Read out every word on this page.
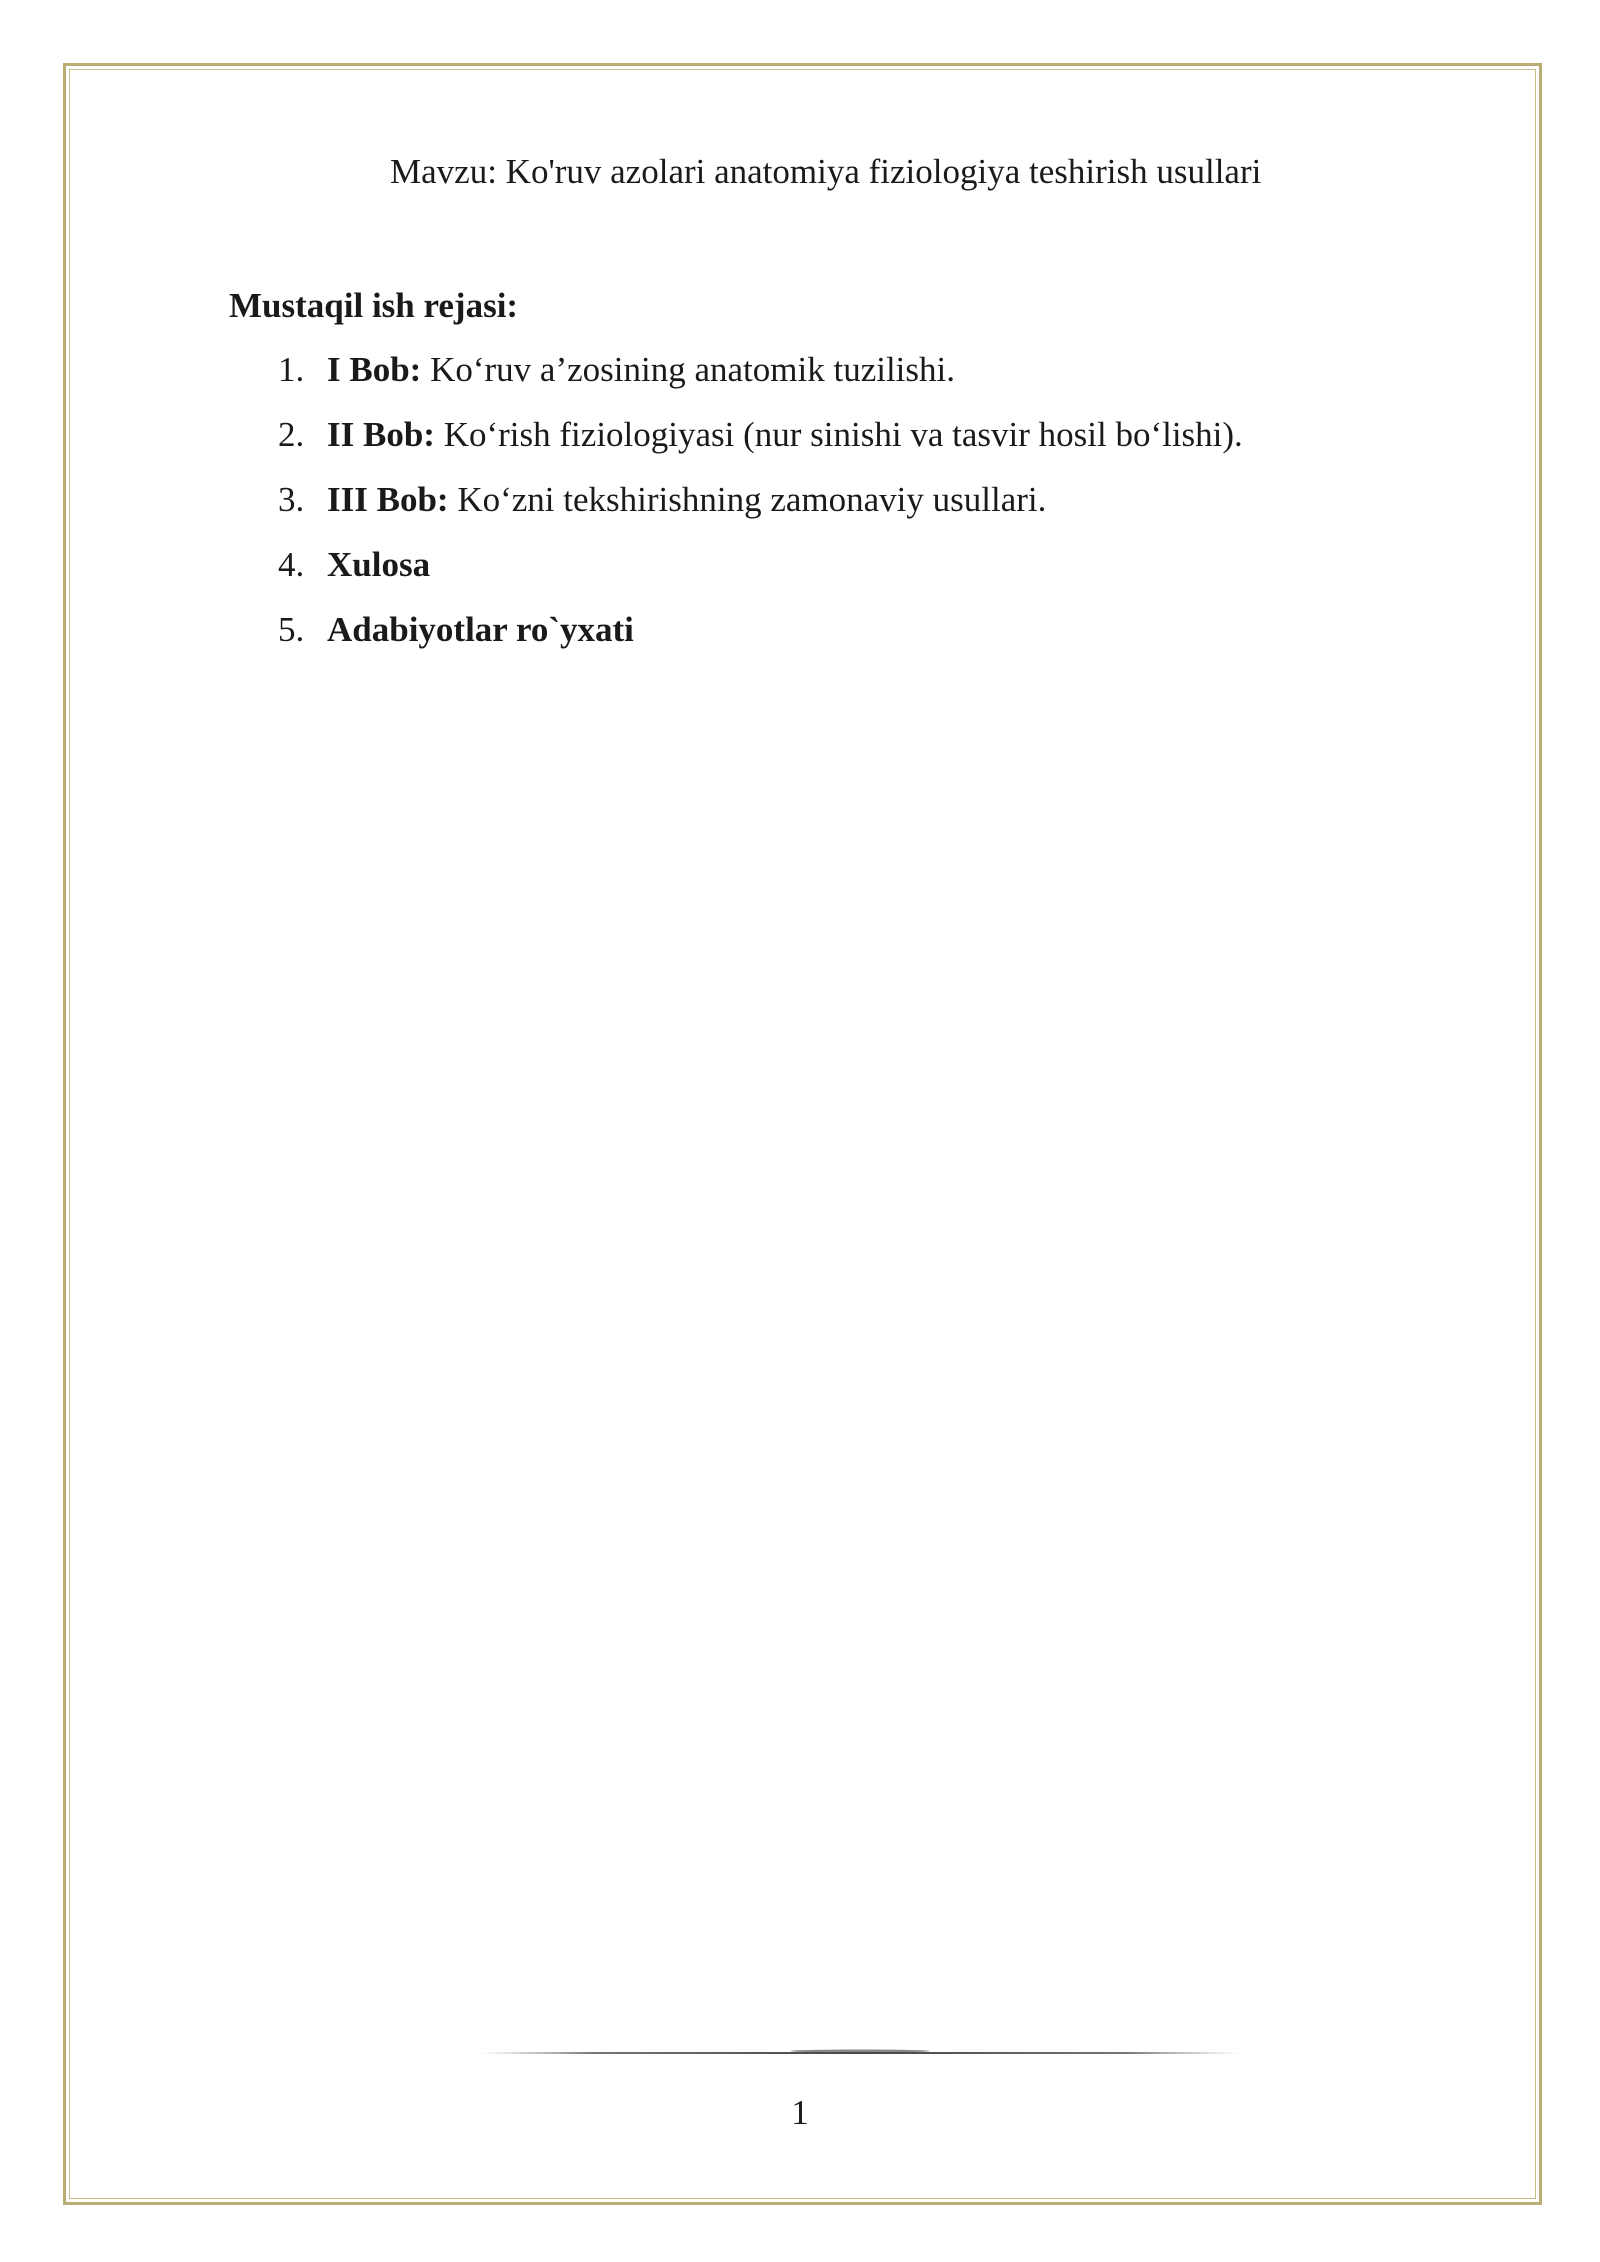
Mavzu: Ko'ruv azolari anatomiya fiziologiya teshirish usullari

Mustaqil ish rejasi:

1. I Bob: Ko‘ruv a’zosining anatomik tuzilishi.
2. II Bob: Ko‘rish fiziologiyasi (nur sinishi va tasvir hosil bo‘lishi).
3. III Bob: Ko‘zni tekshirishning zamonaviy usullari.
4. Xulosa
5. Adabiyotlar ro`yxati

1
